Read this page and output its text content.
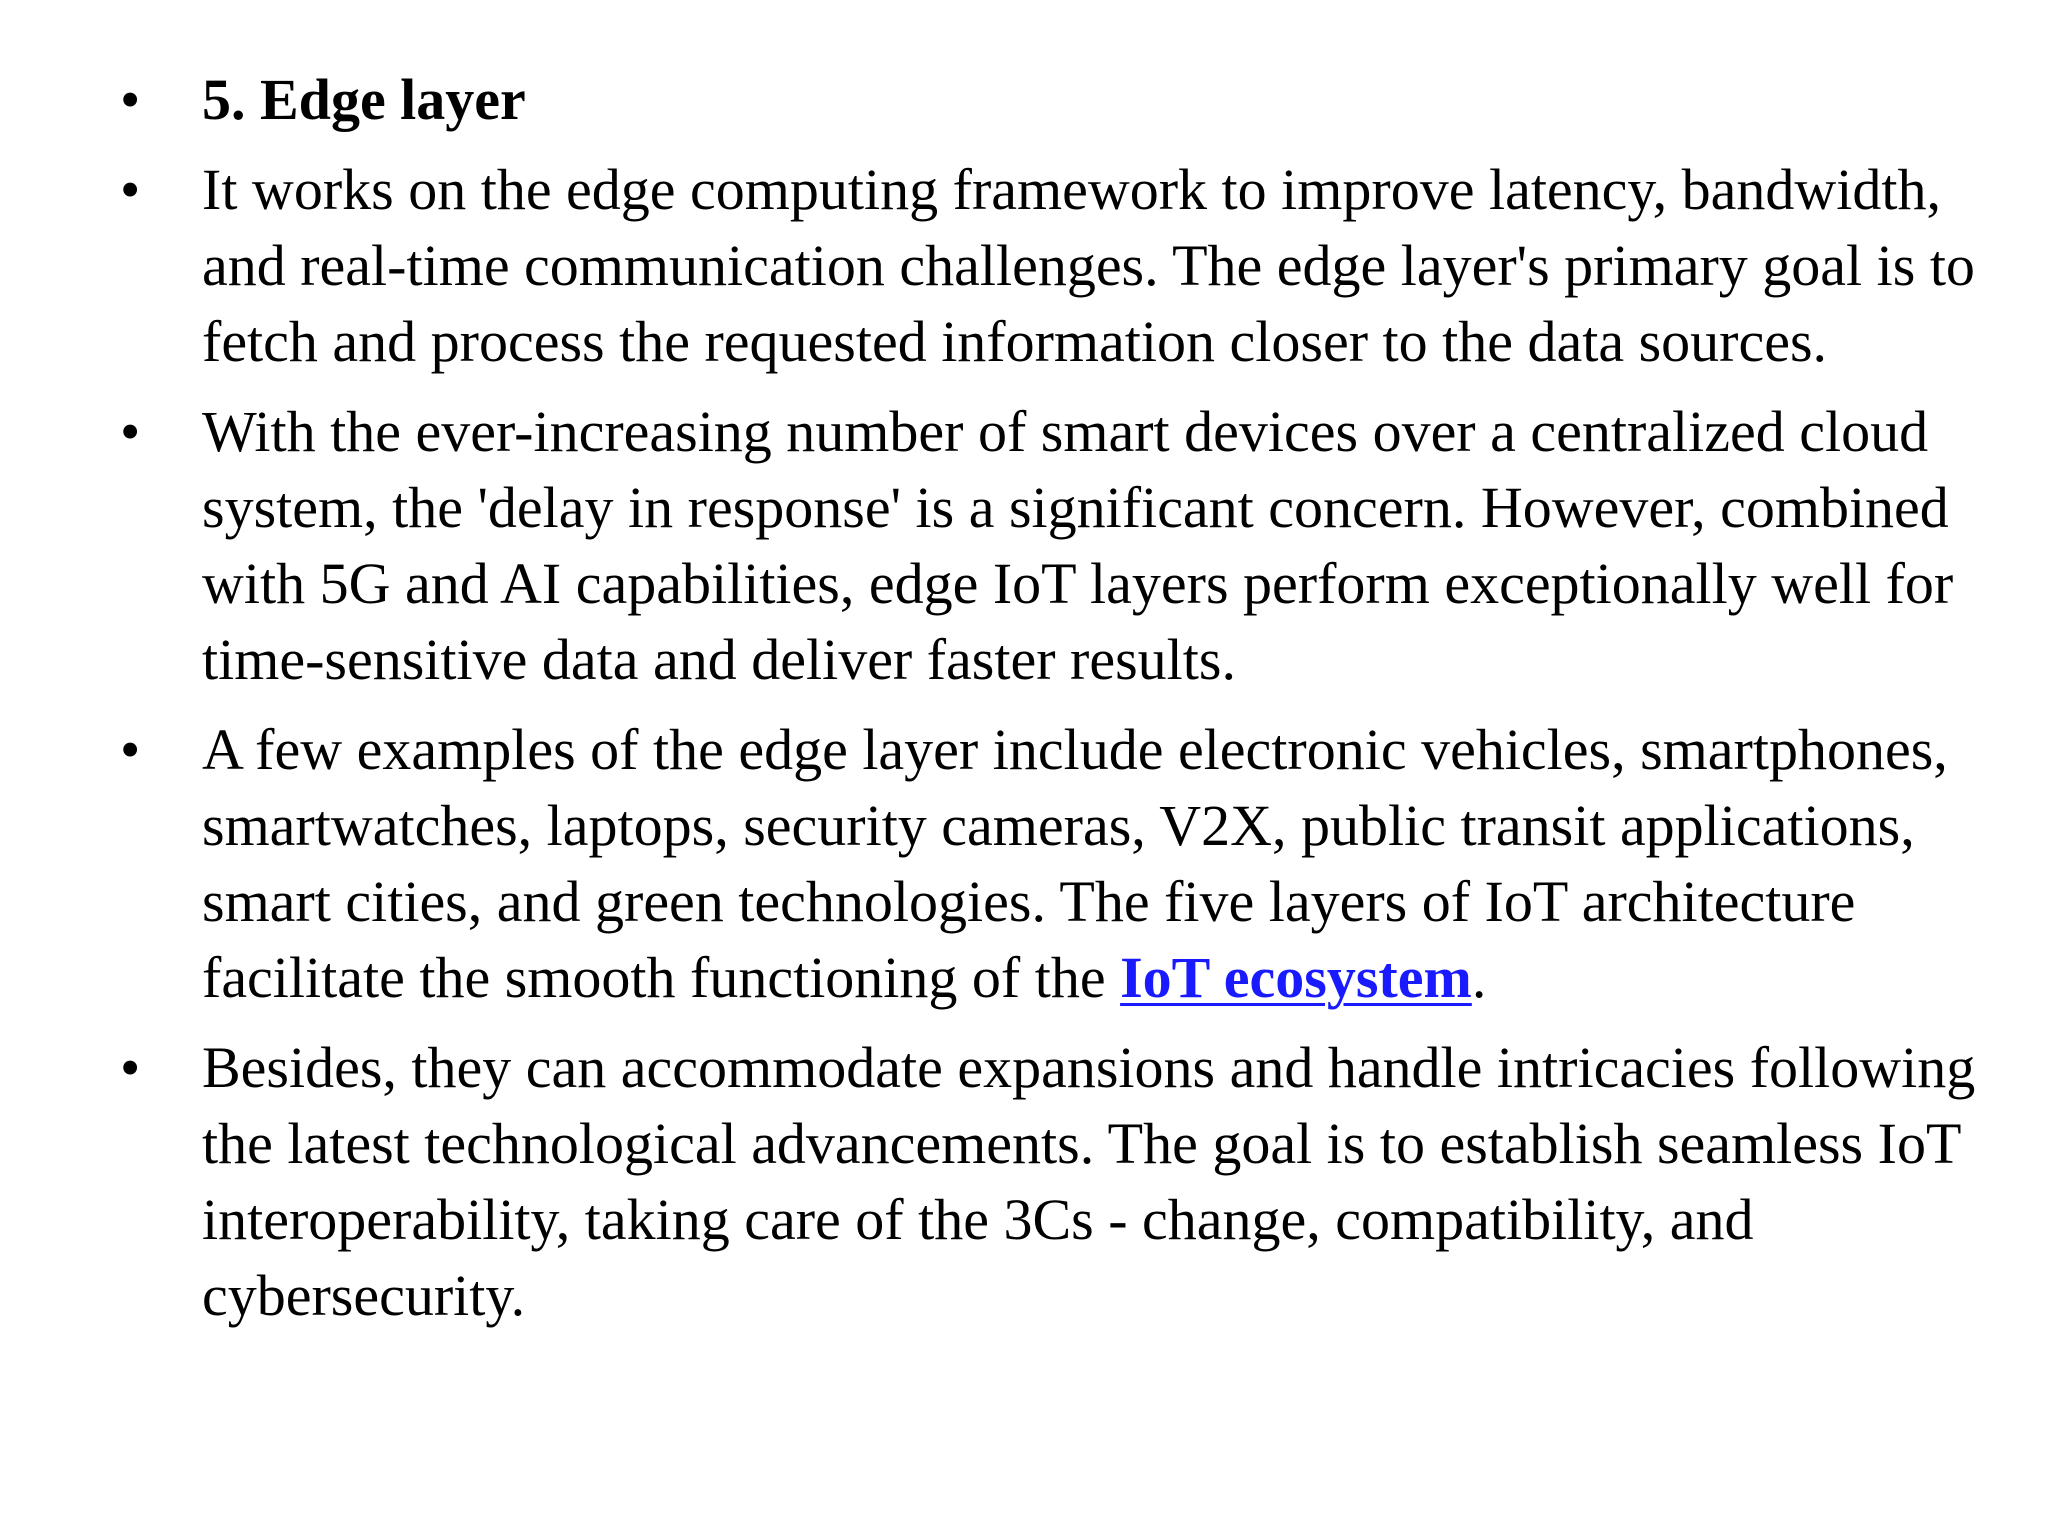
•	5. Edge layer
•	It works on the edge computing framework to improve latency, bandwidth, and real-time communication challenges. The edge layer's primary goal is to fetch and process the requested information closer to the data sources.
•	With the ever-increasing number of smart devices over a centralized cloud system, the 'delay in response' is a significant concern. However, combined with 5G and AI capabilities, edge IoT layers perform exceptionally well for time-sensitive data and deliver faster results.
•	A few examples of the edge layer include electronic vehicles, smartphones, smartwatches, laptops, security cameras, V2X, public transit applications, smart cities, and green technologies. The five layers of IoT architecture facilitate the smooth functioning of the IoT ecosystem.
•	Besides, they can accommodate expansions and handle intricacies following the latest technological advancements. The goal is to establish seamless IoT interoperability, taking care of the 3Cs - change, compatibility, and cybersecurity.
